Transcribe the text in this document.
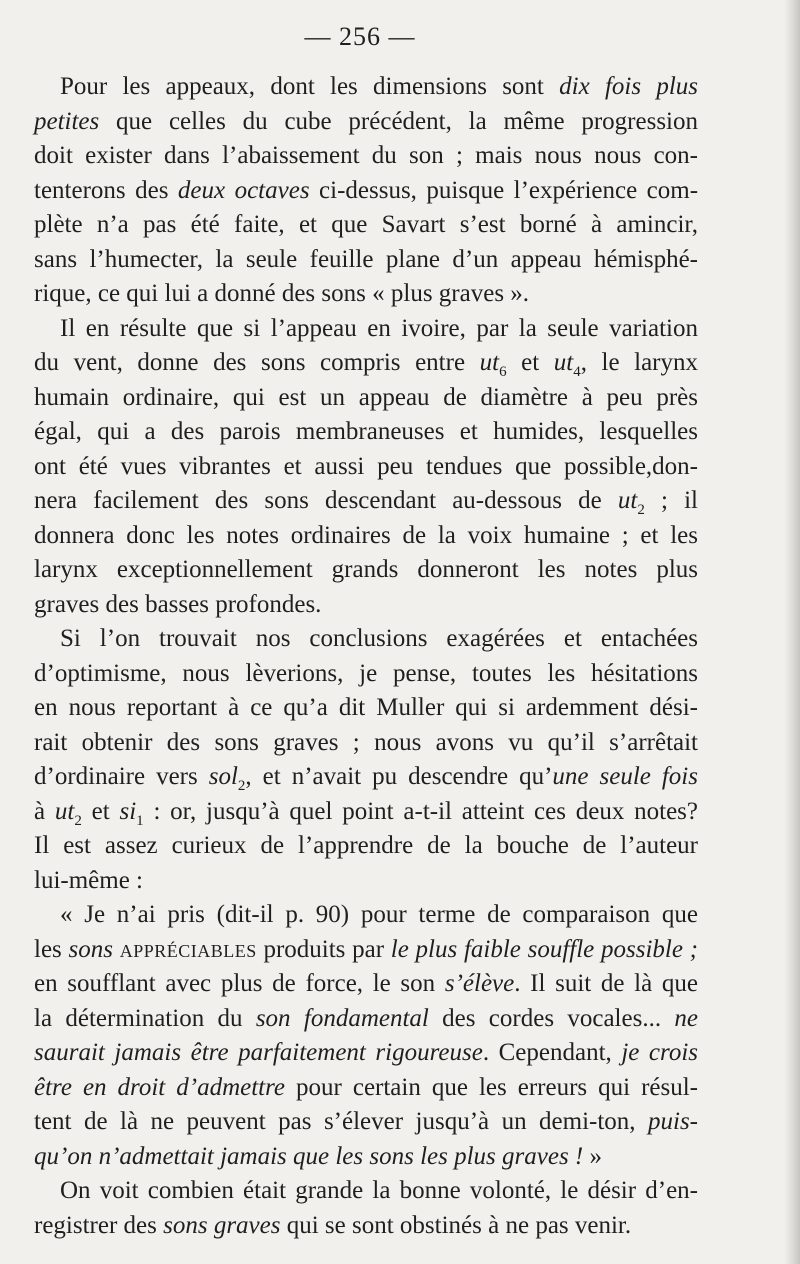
— 256 —
Pour les appeaux, dont les dimensions sont dix fois plus
petites que celles du cube précédent, la même progression
doit exister dans l’abaissement du son ; mais nous nous con-
tenterons des deux octaves ci-dessus, puisque l’expérience com-
plète n’a pas été faite, et que Savart s’est borné à amincir,
sans l’humecter, la seule feuille plane d’un appeau hémisphé-
rique, ce qui lui a donné des sons « plus graves ».
Il en résulte que si l’appeau en ivoire, par la seule variation
du vent, donne des sons compris entre $ut_6$ et $ut_4$, le larynx
humain ordinaire, qui est un appeau de diamètre à peu près
égal, qui a des parois membraneuses et humides, lesquelles
ont été vues vibrantes et aussi peu tendues que possible,don-
nera facilement des sons descendant au-dessous de $ut_2$ ; il
donnera donc les notes ordinaires de la voix humaine ; et les
larynx exceptionnellement grands donneront les notes plus
graves des basses profondes.
Si l’on trouvait nos conclusions exagérées et entachées
d’optimisme, nous lèverions, je pense, toutes les hésitations
en nous reportant à ce qu’a dit Muller qui si ardemment dési-
rait obtenir des sons graves ; nous avons vu qu’il s’arrêtait
d’ordinaire vers sol$_2$, et n’avait pu descendre qu’une seule fois
à $ut_2$ et $si_1$ : or, jusqu’à quel point a-t-il atteint ces deux notes?
Il est assez curieux de l’apprendre de la bouche de l’auteur
lui-même :
« Je n’ai pris (dit-il p. 90) pour terme de comparaison que
les sons appréciables produits par le plus faible souffle possible ;
en soufflant avec plus de force, le son s’élève. Il suit de là que
la détermination du son fondamental des cordes vocales... ne
saurait jamais être parfaitement rigoureuse. Cependant, je crois
être en droit d’admettre pour certain que les erreurs qui résul-
tent de là ne peuvent pas s’élever jusqu’à un demi-ton, puis-
qu’on n’admettait jamais que les sons les plus graves ! »
On voit combien était grande la bonne volonté, le désir d’en-
registrer des sons graves qui se sont obstinés à ne pas venir.
